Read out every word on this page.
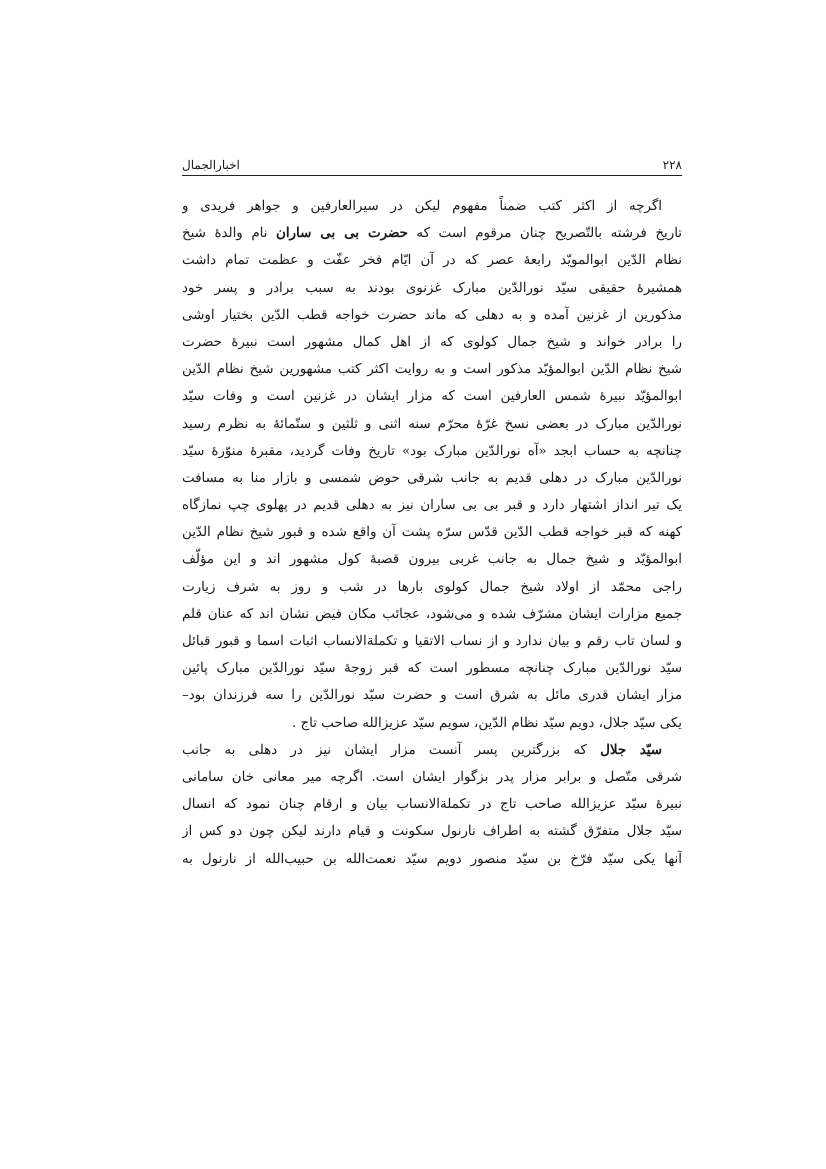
اخبارالجمال	۲۲۸
اگرچه از اکثر کتب ضمناً مفهوم لیکن در سیرالعارفین و جواهر فریدی و
تاریخ فرشته بالتّصریح چنان مرقوم است که حضرت بی بی ساران نام والدهٔ شیخ
نظام الدّین ابوالمویّد رابعهٔ عصر که در آن ایّام فخر عفّت و عظمت تمام داشت
همشیرهٔ حقیقی سیّد نورالدّین مبارک غزنوی بودند به سبب برادر و پسر خود
مذکورین از غزنین آمده و به دهلی که ماند حضرت خواجه قطب الدّین بختیار اوشی
را برادر خواند و شیخ جمال کولوی که از اهل کمال مشهور است نبیرهٔ حضرت
شیخ نظام الدّین ابوالمؤیّد مذکور است و به روایت اکثر کتب مشهورین شیخ نظام الدّین
ابوالمؤیّد نبیرهٔ شمس العارفین است که مزار ایشان در غزنین است و وفات سیّد
نورالدّین مبارک در بعضی نسخ غرّهٔ محرّم سنه اثنی و ثلثین و ستّمائهٔ به نظرم رسید
چنانچه به حساب ابجد «آه نورالدّین مبارک بود» تاریخ وفات گردید، مقبرهٔ منوّرهٔ سیّد
نورالدّین مبارک در دهلی قدیم به جانب شرقی حوض شمسی و بازار منا به مسافت
یک تیر انداز اشتهار دارد و قبر بی بی ساران نیز به دهلی قدیم در پهلوی چپ نمازگاه
کهنه که قبر خواجه قطب الدّین قدّس سرّه پشت آن واقع شده و قبور شیخ نظام الدّین
ابوالمؤیّد و شیخ جمال به جانب غربی بیرون قصبهٔ کول مشهور اند و این مؤلّف
راجی محمّد از اولاد شیخ جمال کولوی بارها در شب و روز به شرف زیارت
جمیع مزارات ایشان مشرّف شده و می‌شود، عجائب مکان فیض نشان اند که عنان قلم
و لسان تاب رقم و بیان ندارد و از نساب الاتقیا و تکملةالانساب اثبات اسما و قبور قبائل
سیّد نورالدّین مبارک چنانچه مسطور است که قبر زوجهٔ سیّد نورالدّین مبارک پائین
مزار ایشان قدری مائل به شرق است و حضرت سیّد نورالدّین را سه فرزندان بود–
یکی سیّد جلال، دویم سیّد نظام الدّین، سویم سیّد عزیزالله صاحب تاج .
سیّد جلال که بزرگترین پسر آنست مزار ایشان نیز در دهلی به جانب
شرقی متّصل و برابر مزار پدر بزگوار ایشان است. اگرچه میر معانی خان سامانی
نبیرهٔ سیّد عزیزالله صاحب تاج در تکملةالانساب بیان و ارقام چنان نمود که انسال
سیّد جلال متفرّق گشته به اطراف نارنول سکونت و قیام دارند لیکن چون دو کس از
آنها یکی سیّد فرّخ بن سیّد منصور دویم سیّد نعمت‌الله بن حبیب‌الله از نارنول به
